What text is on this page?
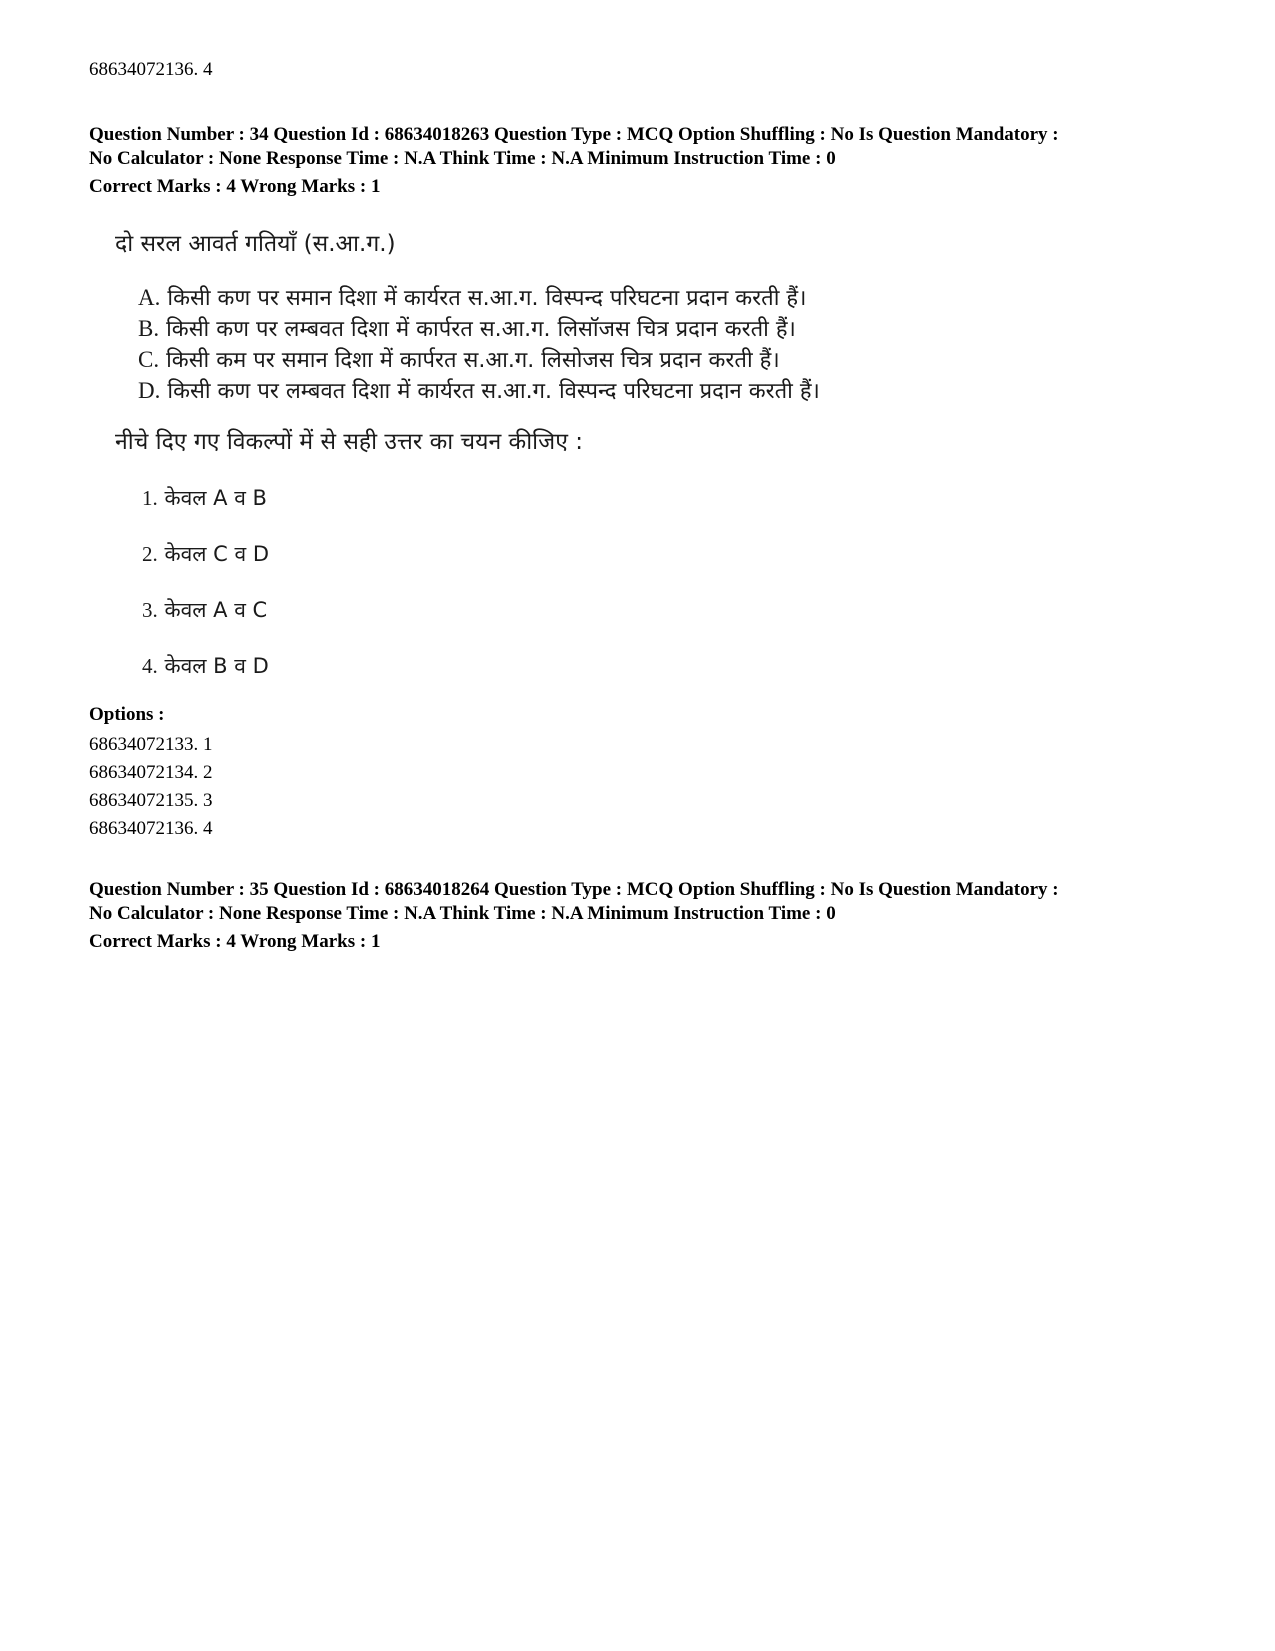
68634072136. 4
Question Number : 34 Question Id : 68634018263 Question Type : MCQ Option Shuffling : No Is Question Mandatory :
No Calculator : None Response Time : N.A Think Time : N.A Minimum Instruction Time : 0
Correct Marks : 4 Wrong Marks : 1
दो सरल आवर्त गतियाँ (स.आ.ग.)
A. किसी कण पर समान दिशा में कार्यरत स.आ.ग. विस्पन्द परिघटना प्रदान करती हैं।
B. किसी कण पर लम्बवत दिशा में कार्परत स.आ.ग. लिसॉजस चित्र प्रदान करती हैं।
C. किसी कम पर समान दिशा में कार्परत स.आ.ग. लिसोजस चित्र प्रदान करती हैं।
D. किसी कण पर लम्बवत दिशा में कार्यरत स.आ.ग. विस्पन्द परिघटना प्रदान करती हैं।
नीचे दिए गए विकल्पों में से सही उत्तर का चयन कीजिए :
1. केवल A व B
2. केवल C व D
3. केवल A व C
4. केवल B व D
Options :
68634072133. 1
68634072134. 2
68634072135. 3
68634072136. 4
Question Number : 35 Question Id : 68634018264 Question Type : MCQ Option Shuffling : No Is Question Mandatory :
No Calculator : None Response Time : N.A Think Time : N.A Minimum Instruction Time : 0
Correct Marks : 4 Wrong Marks : 1
